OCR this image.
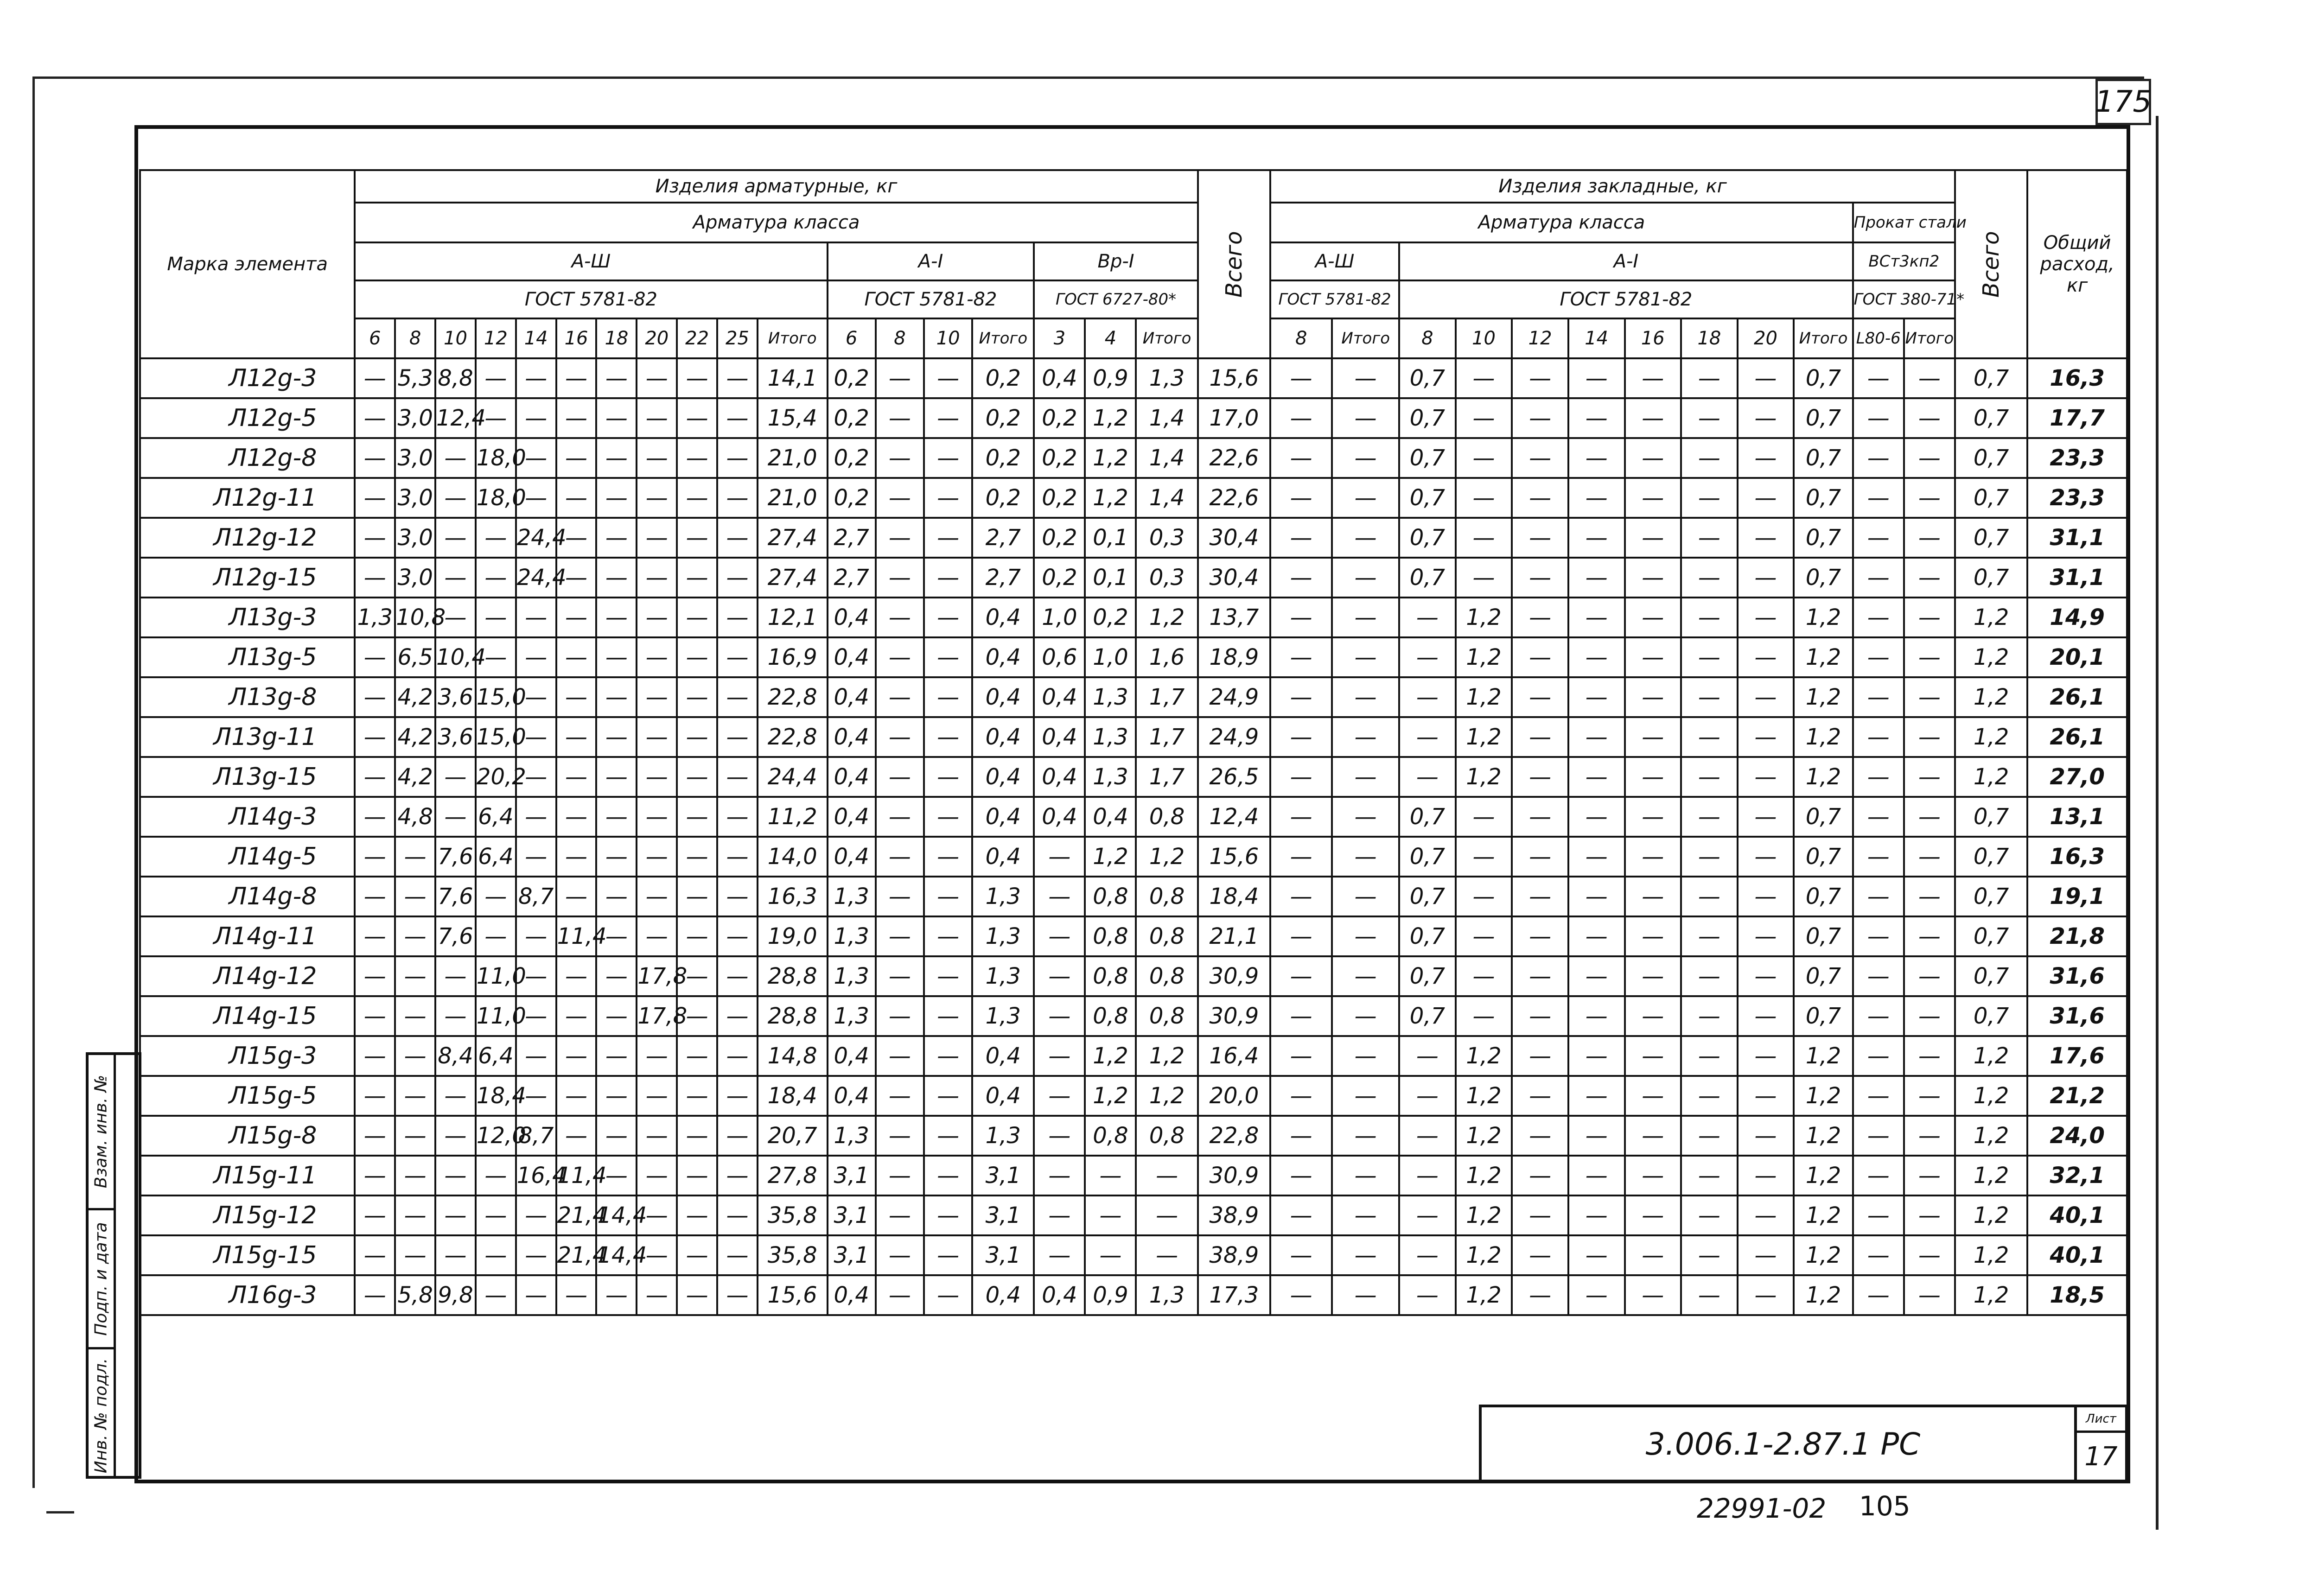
175
Марка элемента	Изделия арматурные, кг																		Всего	Изделия закладные, кг												Всего	Общий расход, кг
	Арматура класса																			Арматура класса										Прокат стали			
	А-Ш											А-I				Вр-I				А-Ш		А-I								ВСт3кп2			
	ГОСТ 5781-82											ГОСТ 5781-82				ГОСТ 6727-80*				ГОСТ 5781-82		ГОСТ 5781-82								ГОСТ 380-71*			
	6	8	10	12	14	16	18	20	22	25	Итого	6	8	10	Итого	3	4	Итого		8	Итого	8	10	12	14	16	18	20	Итого	L80-6	Итого		
Л12g-3	—	5,3	8,8	—	—	—	—	—	—	—	14,1	0,2	—	—	0,2	0,4	0,9	1,3	15,6	—	—	0,7	—	—	—	—	—	—	0,7	—	—	0,7	16,3
Л12g-5	—	3,0	12,4	—	—	—	—	—	—	—	15,4	0,2	—	—	0,2	0,2	1,2	1,4	17,0	—	—	0,7	—	—	—	—	—	—	0,7	—	—	0,7	17,7
Л12g-8	—	3,0	—	18,0	—	—	—	—	—	—	21,0	0,2	—	—	0,2	0,2	1,2	1,4	22,6	—	—	0,7	—	—	—	—	—	—	0,7	—	—	0,7	23,3
Л12g-11	—	3,0	—	18,0	—	—	—	—	—	—	21,0	0,2	—	—	0,2	0,2	1,2	1,4	22,6	—	—	0,7	—	—	—	—	—	—	0,7	—	—	0,7	23,3
Л12g-12	—	3,0	—	—	24,4	—	—	—	—	—	27,4	2,7	—	—	2,7	0,2	0,1	0,3	30,4	—	—	0,7	—	—	—	—	—	—	0,7	—	—	0,7	31,1
Л12g-15	—	3,0	—	—	24,4	—	—	—	—	—	27,4	2,7	—	—	2,7	0,2	0,1	0,3	30,4	—	—	0,7	—	—	—	—	—	—	0,7	—	—	0,7	31,1
Л13g-3	1,3	10,8	—	—	—	—	—	—	—	—	12,1	0,4	—	—	0,4	1,0	0,2	1,2	13,7	—	—	—	1,2	—	—	—	—	—	1,2	—	—	1,2	14,9
Л13g-5	—	6,5	10,4	—	—	—	—	—	—	—	16,9	0,4	—	—	0,4	0,6	1,0	1,6	18,9	—	—	—	1,2	—	—	—	—	—	1,2	—	—	1,2	20,1
Л13g-8	—	4,2	3,6	15,0	—	—	—	—	—	—	22,8	0,4	—	—	0,4	0,4	1,3	1,7	24,9	—	—	—	1,2	—	—	—	—	—	1,2	—	—	1,2	26,1
Л13g-11	—	4,2	3,6	15,0	—	—	—	—	—	—	22,8	0,4	—	—	0,4	0,4	1,3	1,7	24,9	—	—	—	1,2	—	—	—	—	—	1,2	—	—	1,2	26,1
Л13g-15	—	4,2	—	20,2	—	—	—	—	—	—	24,4	0,4	—	—	0,4	0,4	1,3	1,7	26,5	—	—	—	1,2	—	—	—	—	—	1,2	—	—	1,2	27,0
Л14g-3	—	4,8	—	6,4	—	—	—	—	—	—	11,2	0,4	—	—	0,4	0,4	0,4	0,8	12,4	—	—	0,7	—	—	—	—	—	—	0,7	—	—	0,7	13,1
Л14g-5	—	—	7,6	6,4	—	—	—	—	—	—	14,0	0,4	—	—	0,4	—	1,2	1,2	15,6	—	—	0,7	—	—	—	—	—	—	0,7	—	—	0,7	16,3
Л14g-8	—	—	7,6	—	8,7	—	—	—	—	—	16,3	1,3	—	—	1,3	—	0,8	0,8	18,4	—	—	0,7	—	—	—	—	—	—	0,7	—	—	0,7	19,1
Л14g-11	—	—	7,6	—	—	11,4	—	—	—	—	19,0	1,3	—	—	1,3	—	0,8	0,8	21,1	—	—	0,7	—	—	—	—	—	—	0,7	—	—	0,7	21,8
Л14g-12	—	—	—	11,0	—	—	—	17,8	—	—	28,8	1,3	—	—	1,3	—	0,8	0,8	30,9	—	—	0,7	—	—	—	—	—	—	0,7	—	—	0,7	31,6
Л14g-15	—	—	—	11,0	—	—	—	17,8	—	—	28,8	1,3	—	—	1,3	—	0,8	0,8	30,9	—	—	0,7	—	—	—	—	—	—	0,7	—	—	0,7	31,6
Л15g-3	—	—	8,4	6,4	—	—	—	—	—	—	14,8	0,4	—	—	0,4	—	1,2	1,2	16,4	—	—	—	1,2	—	—	—	—	—	1,2	—	—	1,2	17,6
Л15g-5	—	—	—	18,4	—	—	—	—	—	—	18,4	0,4	—	—	0,4	—	1,2	1,2	20,0	—	—	—	1,2	—	—	—	—	—	1,2	—	—	1,2	21,2
Л15g-8	—	—	—	12,0	8,7	—	—	—	—	—	20,7	1,3	—	—	1,3	—	0,8	0,8	22,8	—	—	—	1,2	—	—	—	—	—	1,2	—	—	1,2	24,0
Л15g-11	—	—	—	—	16,4	11,4	—	—	—	—	27,8	3,1	—	—	3,1	—	—	—	30,9	—	—	—	1,2	—	—	—	—	—	1,2	—	—	1,2	32,1
Л15g-12	—	—	—	—	—	21,4	14,4	—	—	—	35,8	3,1	—	—	3,1	—	—	—	38,9	—	—	—	1,2	—	—	—	—	—	1,2	—	—	1,2	40,1
Л15g-15	—	—	—	—	—	21,4	14,4	—	—	—	35,8	3,1	—	—	3,1	—	—	—	38,9	—	—	—	1,2	—	—	—	—	—	1,2	—	—	1,2	40,1
Л16g-3	—	5,8	9,8	—	—	—	—	—	—	—	15,6	0,4	—	—	0,4	0,4	0,9	1,3	17,3	—	—	—	1,2	—	—	—	—	—	1,2	—	—	1,2	18,5
Взам. инв. №
Подп. и дата
Инв. № подл.	3.006.1-2.87.1 РС
Лист
17
22991-02 105
